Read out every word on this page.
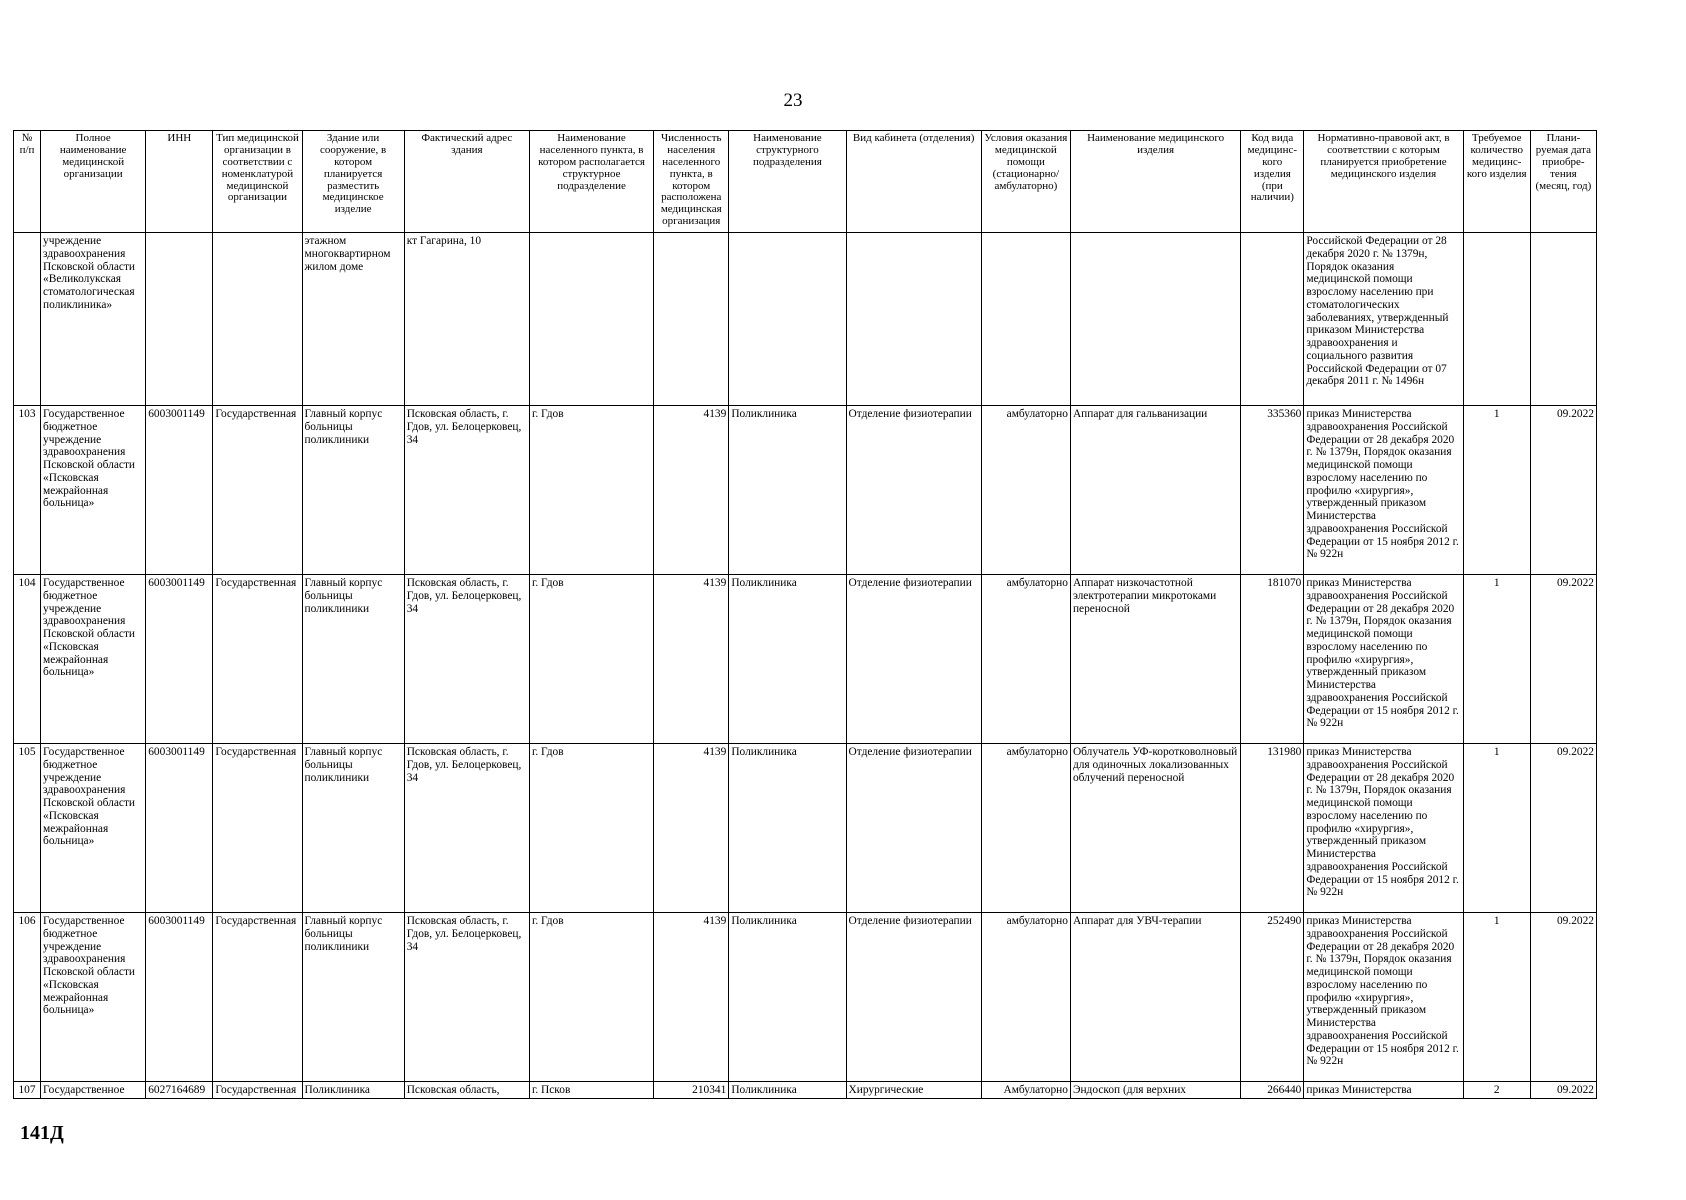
23
№ п/п	Полное наименование медицинской организации	ИНН	Тип медицинской организации в соответствии с номенклатурой медицинской организации	Здание или сооружение, в котором планируется разместить медицинское изделие	Фактический адрес здания	Наименование населенного пункта, в котором располагается структурное подразделение	Численность населения населенного пункта, в котором расположена медицинская организация	Наименование структурного подразделения	Вид кабинета (отделения)	Условия оказания медицинской помощи (стационарно/ амбулаторно)	Наименование медицинского изделия	Код вида медицинс- кого изделия (при наличии)	Нормативно-правовой акт, в соответствии с которым планируется приобретение медицинского изделия	Требуемое количество медицинс- кого изделия	Плани- руемая дата приобре- тения (месяц, год)
	учреждение здравоохранения Псковской области «Великолукская стоматологическая поликлиника»			этажном многоквартирном жилом доме	кт Гагарина, 10								Российской Федерации от 28 декабря 2020 г. № 1379н, Порядок оказания медицинской помощи взрослому населению при стоматологических заболеваниях, утвержденный приказом Министерства здравоохранения и социального развития Российской Федерации от 07 декабря 2011 г. № 1496н		
103	Государственное бюджетное учреждение здравоохранения Псковской области «Псковская межрайонная больница»	6003001149	Государственная	Главный корпус больницы поликлиники	Псковская область, г. Гдов, ул. Белоцерковец, 34	г. Гдов	4139	Поликлиника	Отделение физиотерапии	амбулаторно	Аппарат для гальванизации	335360	приказ Министерства здравоохранения Российской Федерации от 28 декабря 2020 г. № 1379н, Порядок оказания медицинской помощи взрослому населению по профилю «хирургия», утвержденный приказом Министерства здравоохранения Российской Федерации от 15 ноября 2012 г. № 922н	1	09.2022
104	Государственное бюджетное учреждение здравоохранения Псковской области «Псковская межрайонная больница»	6003001149	Государственная	Главный корпус больницы поликлиники	Псковская область, г. Гдов, ул. Белоцерковец, 34	г. Гдов	4139	Поликлиника	Отделение физиотерапии	амбулаторно	Аппарат низкочастотной электротерапии микротоками переносной	181070	приказ Министерства здравоохранения Российской Федерации от 28 декабря 2020 г. № 1379н, Порядок оказания медицинской помощи взрослому населению по профилю «хирургия», утвержденный приказом Министерства здравоохранения Российской Федерации от 15 ноября 2012 г. № 922н	1	09.2022
105	Государственное бюджетное учреждение здравоохранения Псковской области «Псковская межрайонная больница»	6003001149	Государственная	Главный корпус больницы поликлиники	Псковская область, г. Гдов, ул. Белоцерковец, 34	г. Гдов	4139	Поликлиника	Отделение физиотерапии	амбулаторно	Облучатель УФ-коротковолновый для одиночных локализованных облучений переносной	131980	приказ Министерства здравоохранения Российской Федерации от 28 декабря 2020 г. № 1379н, Порядок оказания медицинской помощи взрослому населению по профилю «хирургия», утвержденный приказом Министерства здравоохранения Российской Федерации от 15 ноября 2012 г. № 922н	1	09.2022
106	Государственное бюджетное учреждение здравоохранения Псковской области «Псковская межрайонная больница»	6003001149	Государственная	Главный корпус больницы поликлиники	Псковская область, г. Гдов, ул. Белоцерковец, 34	г. Гдов	4139	Поликлиника	Отделение физиотерапии	амбулаторно	Аппарат для УВЧ-терапии	252490	приказ Министерства здравоохранения Российской Федерации от 28 декабря 2020 г. № 1379н, Порядок оказания медицинской помощи взрослому населению по профилю «хирургия», утвержденный приказом Министерства здравоохранения Российской Федерации от 15 ноября 2012 г. № 922н	1	09.2022
107	Государственное	6027164689	Государственная	Поликлиника	Псковская область,	г. Псков	210341	Поликлиника	Хирургические	Амбулаторно	Эндоскоп (для верхних	266440	приказ Министерства	2	09.2022
141Д
